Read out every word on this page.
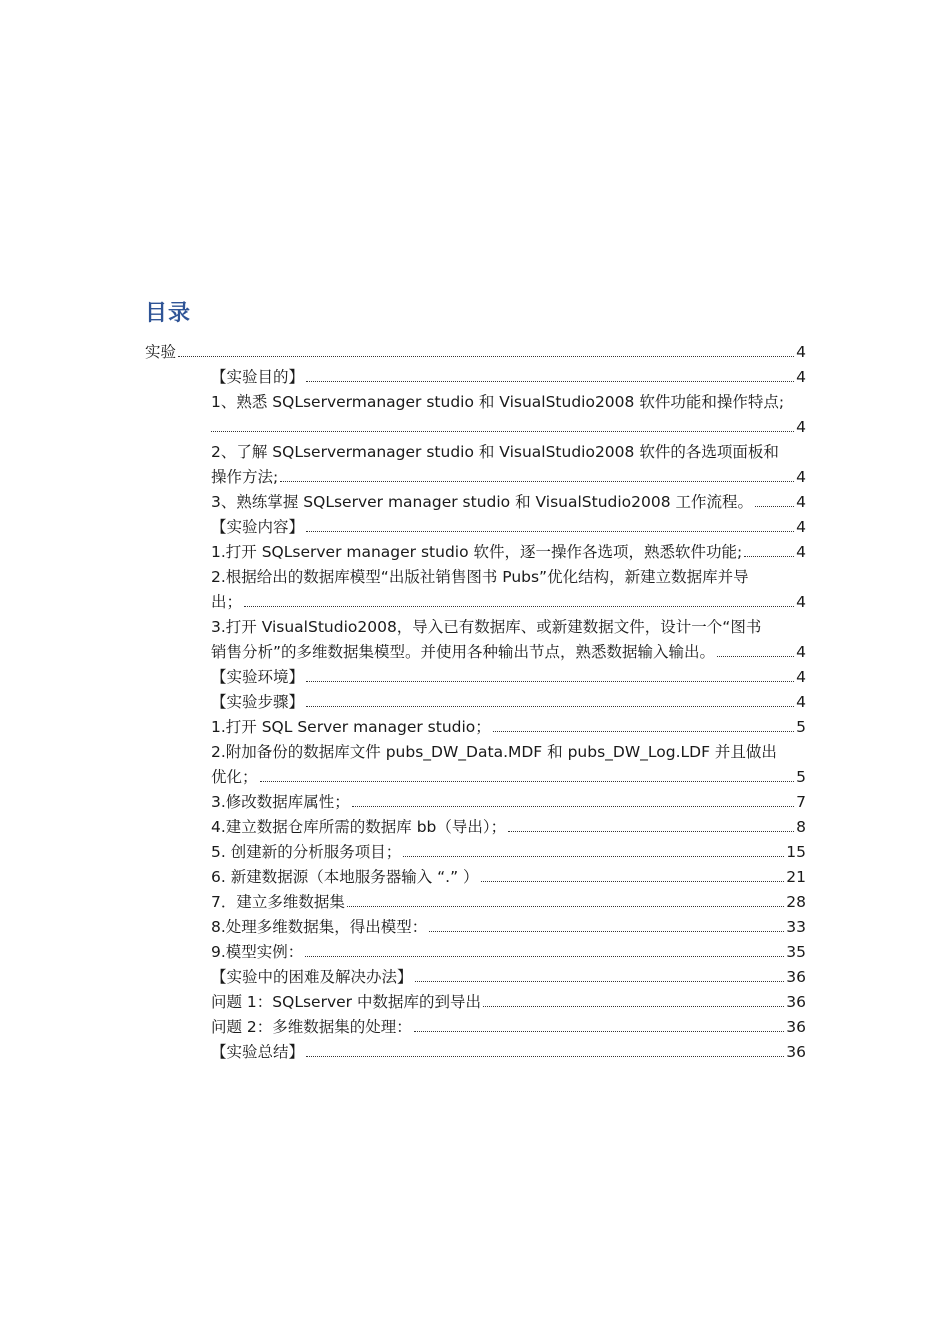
目录
实验	4
【实验目的】	4
1、熟悉 SQLservermanager studio 和 VisualStudio2008 软件功能和操作特点;
4
2、了解 SQLservermanager studio 和 VisualStudio2008 软件的各选项面板和
操作方法;	4
3、熟练掌握 SQLserver manager studio 和 VisualStudio2008 工作流程。	4
【实验内容】	4
1.打开 SQLserver manager studio 软件，逐一操作各选项，熟悉软件功能;	4
2.根据给出的数据库模型“出版社销售图书 Pubs”优化结构，新建立数据库并导
出；	4
3.打开 VisualStudio2008，导入已有数据库、或新建数据文件，设计一个“图书
销售分析”的多维数据集模型。并使用各种输出节点，熟悉数据输入输出。	4
【实验环境】	4
【实验步骤】	4
1.打开 SQL Server manager studio；	5
2.附加备份的数据库文件 pubs_DW_Data.MDF 和 pubs_DW_Log.LDF 并且做出
优化；	5
3.修改数据库属性；	7
4.建立数据仓库所需的数据库 bb（导出）；	8
5. 创建新的分析服务项目；	15
6. 新建数据源（本地服务器输入 “.” ）	21
7．建立多维数据集	28
8.处理多维数据集，得出模型：	33
9.模型实例：	35
【实验中的困难及解决办法】	36
问题 1：SQLserver 中数据库的到导出	36
问题 2：多维数据集的处理：	36
【实验总结】	36
